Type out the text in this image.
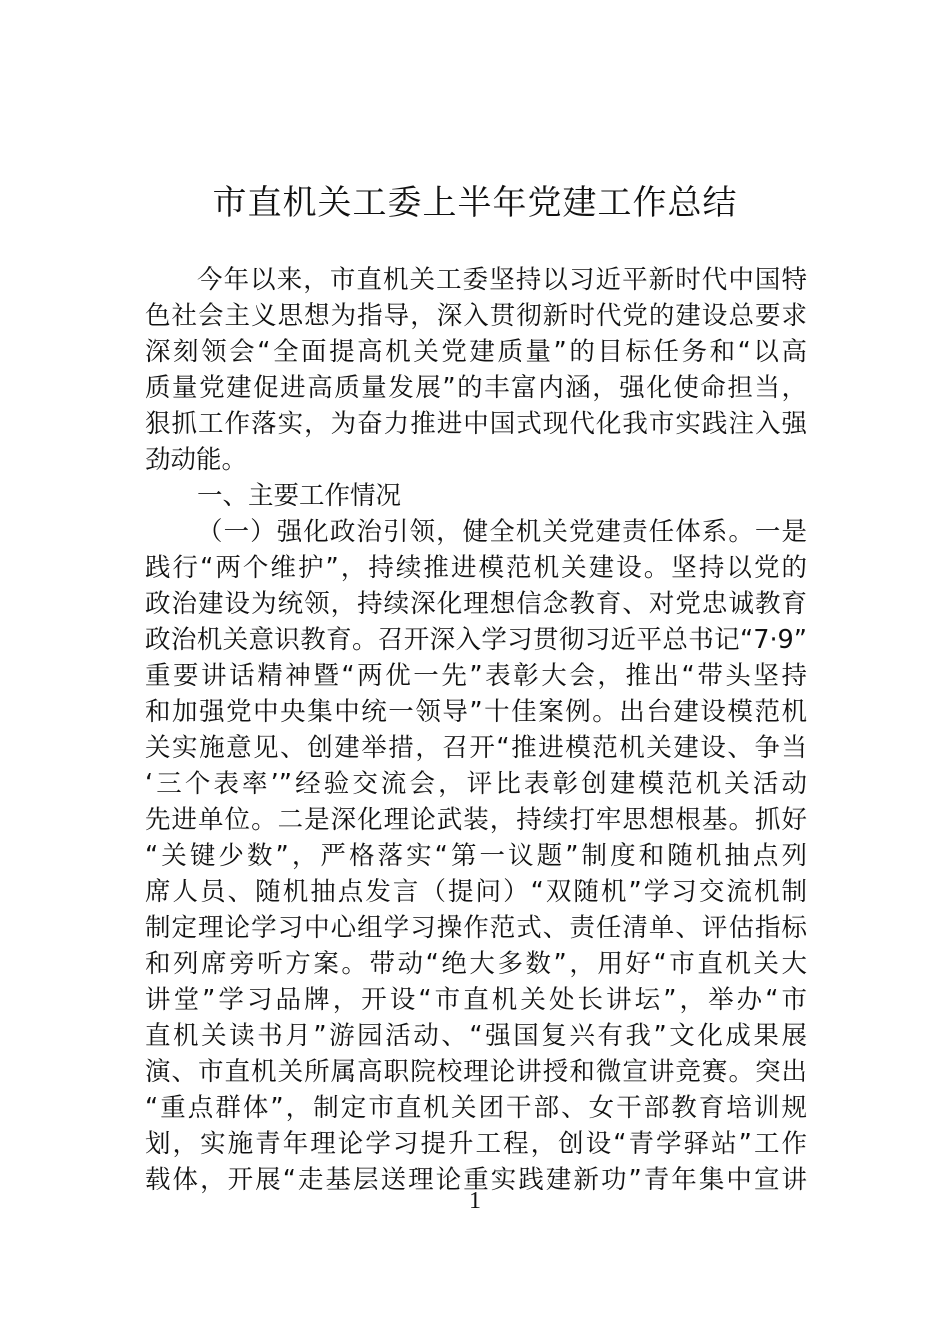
市直机关工委上半年党建工作总结
今年以来，市直机关工委坚持以习近平新时代中国特
色社会主义思想为指导，深入贯彻新时代党的建设总要求
深刻领会“全面提高机关党建质量”的目标任务和“以高
质量党建促进高质量发展”的丰富内涵，强化使命担当，
狠抓工作落实，为奋力推进中国式现代化我市实践注入强
劲动能。
一、主要工作情况
（一）强化政治引领，健全机关党建责任体系。一是
践行“两个维护”，持续推进模范机关建设。坚持以党的
政治建设为统领，持续深化理想信念教育、对党忠诚教育
政治机关意识教育。召开深入学习贯彻习近平总书记“7·9”
重要讲话精神暨“两优一先”表彰大会，推出“带头坚持
和加强党中央集中统一领导”十佳案例。出台建设模范机
关实施意见、创建举措，召开“推进模范机关建设、争当
‘三个表率’”经验交流会，评比表彰创建模范机关活动
先进单位。二是深化理论武装，持续打牢思想根基。抓好
“关键少数”，严格落实“第一议题”制度和随机抽点列
席人员、随机抽点发言（提问）“双随机”学习交流机制
制定理论学习中心组学习操作范式、责任清单、评估指标
和列席旁听方案。带动“绝大多数”，用好“市直机关大
讲堂”学习品牌，开设“市直机关处长讲坛”，举办“市
直机关读书月”游园活动、“强国复兴有我”文化成果展
演、市直机关所属高职院校理论讲授和微宣讲竞赛。突出
“重点群体”，制定市直机关团干部、女干部教育培训规
划，实施青年理论学习提升工程，创设“青学驿站”工作
载体，开展“走基层送理论重实践建新功”青年集中宣讲
1
